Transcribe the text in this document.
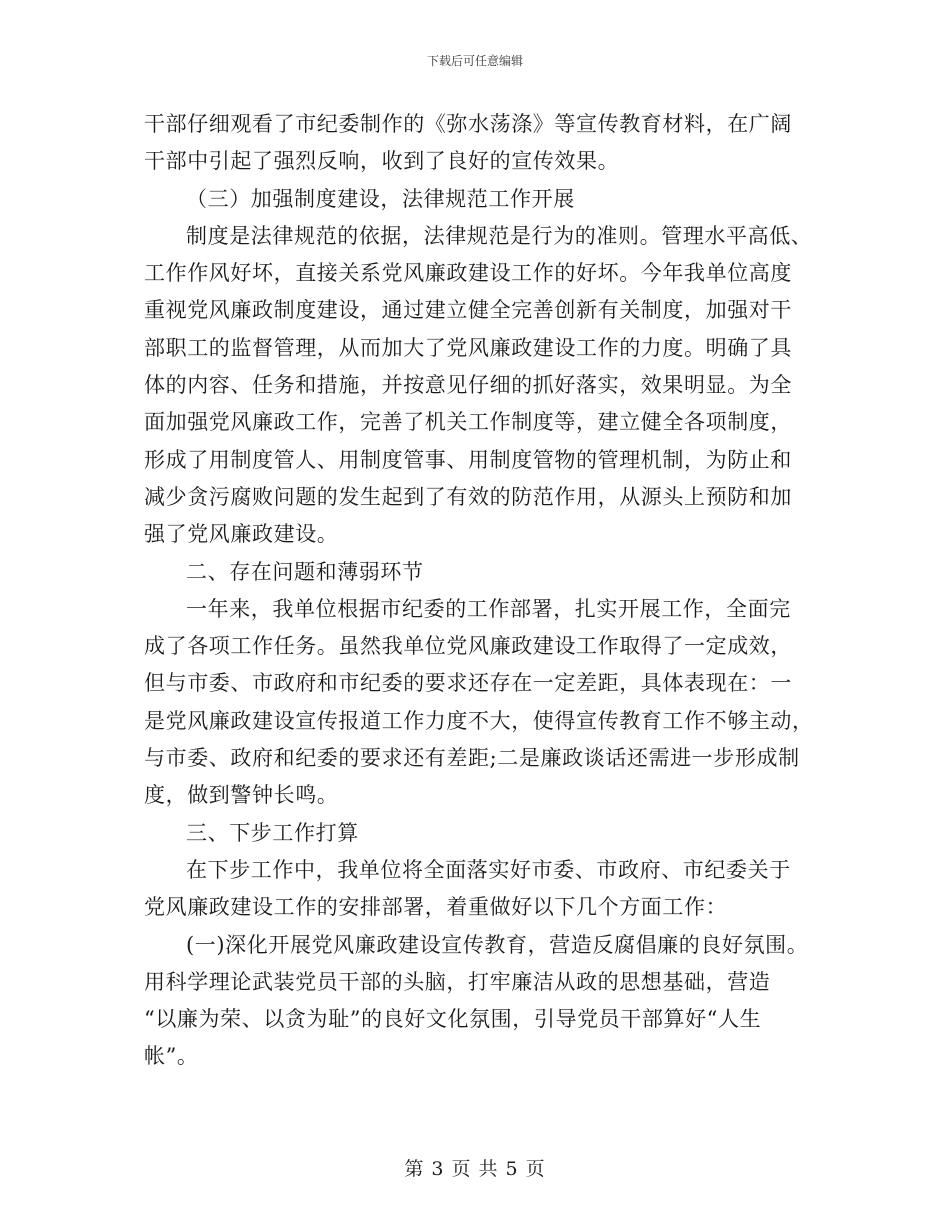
下载后可任意编辑
干部仔细观看了市纪委制作的《弥水荡涤》等宣传教育材料，在广阔
干部中引起了强烈反响，收到了良好的宣传效果。
（三）加强制度建设，法律规范工作开展
制度是法律规范的依据，法律规范是行为的准则。管理水平高低、
工作作风好坏，直接关系党风廉政建设工作的好坏。今年我单位高度
重视党风廉政制度建设，通过建立健全完善创新有关制度，加强对干
部职工的监督管理，从而加大了党风廉政建设工作的力度。明确了具
体的内容、任务和措施，并按意见仔细的抓好落实，效果明显。为全
面加强党风廉政工作，完善了机关工作制度等，建立健全各项制度，
形成了用制度管人、用制度管事、用制度管物的管理机制，为防止和
减少贪污腐败问题的发生起到了有效的防范作用，从源头上预防和加
强了党风廉政建设。
二、存在问题和薄弱环节
一年来，我单位根据市纪委的工作部署，扎实开展工作，全面完
成了各项工作任务。虽然我单位党风廉政建设工作取得了一定成效，
但与市委、市政府和市纪委的要求还存在一定差距，具体表现在：一
是党风廉政建设宣传报道工作力度不大，使得宣传教育工作不够主动，
与市委、政府和纪委的要求还有差距;二是廉政谈话还需进一步形成制
度，做到警钟长鸣。
三、下步工作打算
在下步工作中，我单位将全面落实好市委、市政府、市纪委关于
党风廉政建设工作的安排部署，着重做好以下几个方面工作：
(一)深化开展党风廉政建设宣传教育，营造反腐倡廉的良好氛围。
用科学理论武装党员干部的头脑，打牢廉洁从政的思想基础，营造
“以廉为荣、以贪为耻”的良好文化氛围，引导党员干部算好“人生
帐”。
第 3 页 共 5 页
